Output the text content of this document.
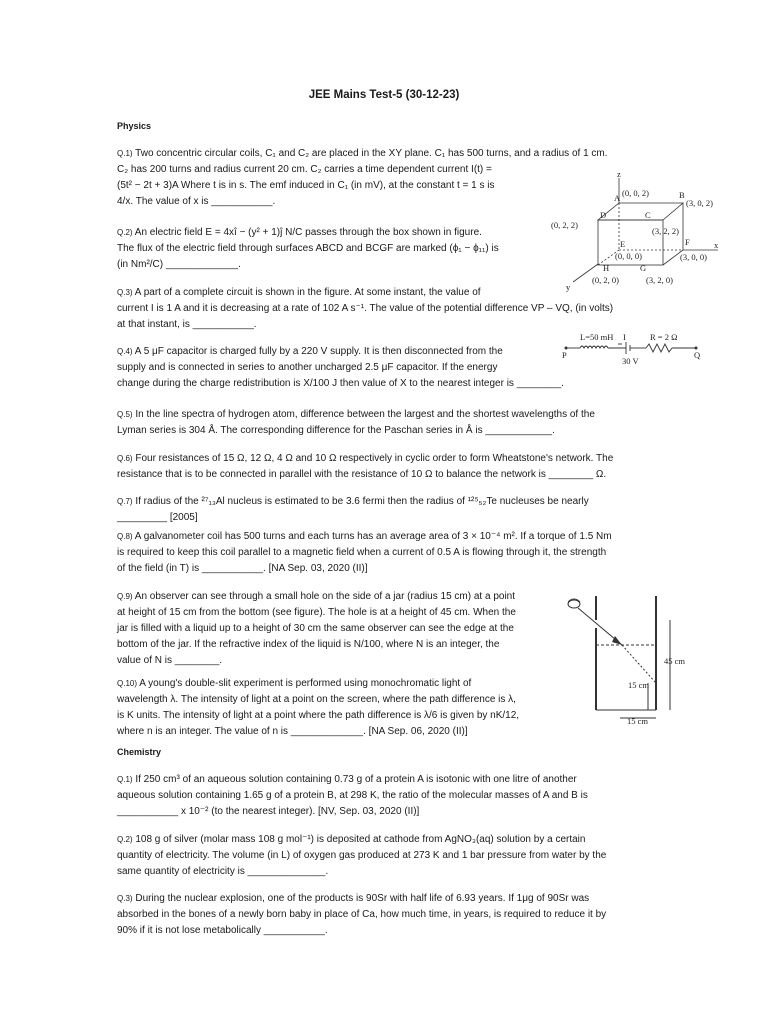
JEE Mains Test-5 (30-12-23)
Physics
Chemistry
Q.1) Two concentric circular coils, C₁ and C₂ are placed in the XY plane. C₁ has 500 turns, and a radius of 1 cm.
C₂ has 200 turns and radius current 20 cm. C₂ carries a time dependent current I(t) =
(5t² − 2t + 3)A Where t is in s. The emf induced in C₁ (in mV), at the constant t = 1 s is
4/x. The value of x is ___________.
Q.2) An electric field E = 4xî − (y² + 1)ĵ N/C passes through the box shown in figure.
The flux of the electric field through surfaces ABCD and BCGF are marked (ϕ₁ − ϕ₁₁) is
(in Nm²/C) _____________.
Q.3) A part of a complete circuit is shown in the figure. At some instant, the value of
current I is 1 A and it is decreasing at a rate of 102 A s⁻¹. The value of the potential difference VP – VQ, (in volts)
at that instant, is ___________.
Q.4) A 5 μF capacitor is charged fully by a 220 V supply. It is then disconnected from the
supply and is connected in series to another uncharged 2.5 μF capacitor. If the energy
change during the charge redistribution is X/100 J then value of X to the nearest integer is ________.
Q.5) In the line spectra of hydrogen atom, difference between the largest and the shortest wavelengths of the
Lyman series is 304 Å. The corresponding difference for the Paschan series in Å is ____________.
Q.6) Four resistances of 15 Ω, 12 Ω, 4 Ω and 10 Ω respectively in cyclic order to form Wheatstone's network. The
resistance that is to be connected in parallel with the resistance of 10 Ω to balance the network is ________ Ω.
Q.7) If radius of the ²⁷₁₃Al nucleus is estimated to be 3.6 fermi then the radius of ¹²⁵₅₂Te nucleuses be nearly
_________ [2005]
Q.8) A galvanometer coil has 500 turns and each turns has an average area of 3 × 10⁻⁴ m². If a torque of 1.5 Nm
is required to keep this coil parallel to a magnetic field when a current of 0.5 A is flowing through it, the strength
of the field (in T) is ___________. [NA Sep. 03, 2020 (II)]
Q.9) An observer can see through a small hole on the side of a jar (radius 15 cm) at a point
at height of 15 cm from the bottom (see figure). The hole is at a height of 45 cm. When the
jar is filled with a liquid up to a height of 30 cm the same observer can see the edge at the
bottom of the jar. If the refractive index of the liquid is N/100, where N is an integer, the
value of N is ________.
Q.10) A young's double-slit experiment is performed using monochromatic light of
wavelength λ. The intensity of light at a point on the screen, where the path difference is λ,
is K units. The intensity of light at a point where the path difference is λ/6 is given by nK/12,
where n is an integer. The value of n is _____________. [NA Sep. 06, 2020 (II)]
Q.1) If 250 cm³ of an aqueous solution containing 0.73 g of a protein A is isotonic with one litre of another
aqueous solution containing 1.65 g of a protein B, at 298 K, the ratio of the molecular masses of A and B is
___________ x 10⁻² (to the nearest integer). [NV, Sep. 03, 2020 (II)]
Q.2) 108 g of silver (molar mass 108 g mol⁻¹) is deposited at cathode from AgNO₃(aq) solution by a certain
quantity of electricity. The volume (in L) of oxygen gas produced at 273 K and 1 bar pressure from water by the
same quantity of electricity is ______________.
Q.3) During the nuclear explosion, one of the products is 90Sr with half life of 6.93 years. If 1μg of 90Sr was
absorbed in the bones of a newly born baby in place of Ca, how much time, in years, is required to reduce it by
90% if it is not lose metabolically ___________.
A	B
C
D
E	F
G
H
(0, 0, 2)
(3, 0, 2)
(0, 2, 2)
(3, 2, 2)
(0, 0, 0)	(3, 0, 0)
(0, 2, 0)	(3, 2, 0)
z
x
y
L=50 mH I	R = 2 Ω
30 V
P	Q
45 cm
15 cm
15 cm
